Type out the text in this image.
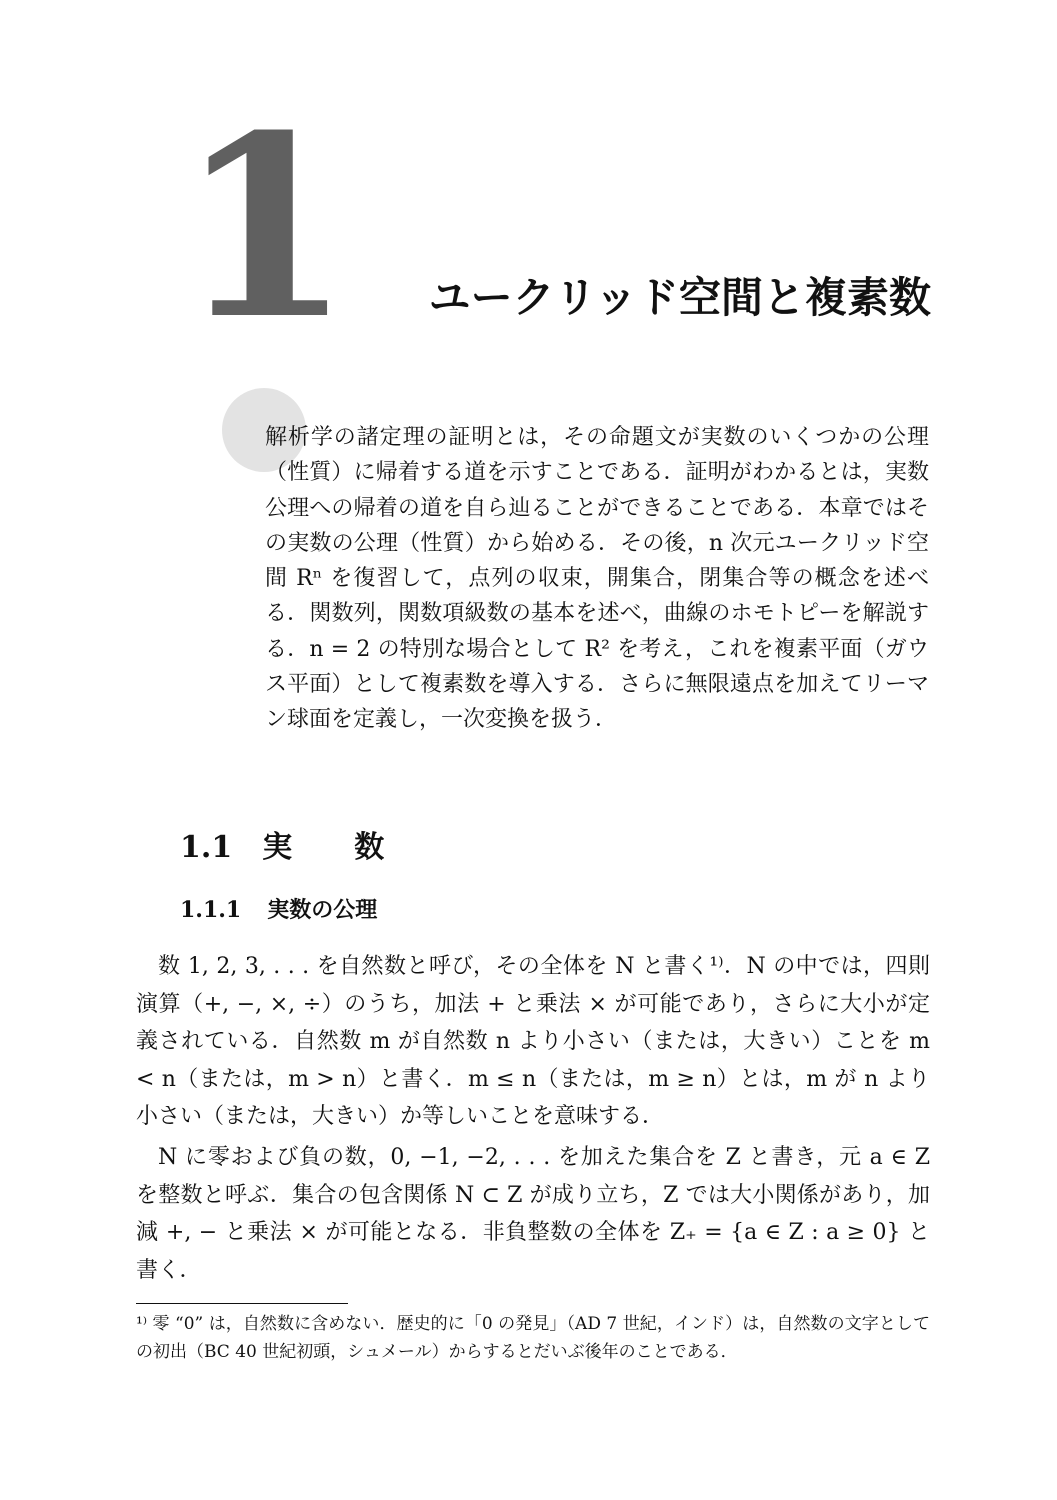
1 ユークリッド空間と複素数

解析学の諸定理の証明とは，その命題文が実数のいくつかの公理（性質）に帰着する道を示すことである．証明がわかるとは，実数公理への帰着の道を自ら辿ることができることである．本章ではその実数の公理（性質）から始める．その後，n 次元ユークリッド空間 Rⁿ を復習して，点列の収束，開集合，閉集合等の概念を述べる．関数列，関数項級数の基本を述べ，曲線のホモトピーを解説する．n = 2 の特別な場合として R² を考え，これを複素平面（ガウス平面）として複素数を導入する．さらに無限遠点を加えてリーマン球面を定義し，一次変換を扱う．

1.1 実数
1.1.1 実数の公理

数 1, 2, 3, . . . を自然数と呼び，その全体を N と書く¹⁾．N の中では，四則演算（+, −, ×, ÷）のうち，加法 + と乗法 × が可能であり，さらに大小が定義されている．自然数 m が自然数 n より小さい（または，大きい）ことを m < n（または，m > n）と書く．m ≤ n（または，m ≥ n）とは，m が n より小さい（または，大きい）か等しいことを意味する．

N に零および負の数，0, −1, −2, . . . を加えた集合を Z と書き，元 a ∈ Z を整数と呼ぶ．集合の包含関係 N ⊂ Z が成り立ち，Z では大小関係があり，加減 +, − と乗法 × が可能となる．非負整数の全体を Z₊ = {a ∈ Z : a ≥ 0} と書く．

¹⁾ 零 “0” は，自然数に含めない．歴史的に「0 の発見」（AD 7 世紀，インド）は，自然数の文字としての初出（BC 40 世紀初頭，シュメール）からするとだいぶ後年のことである．
